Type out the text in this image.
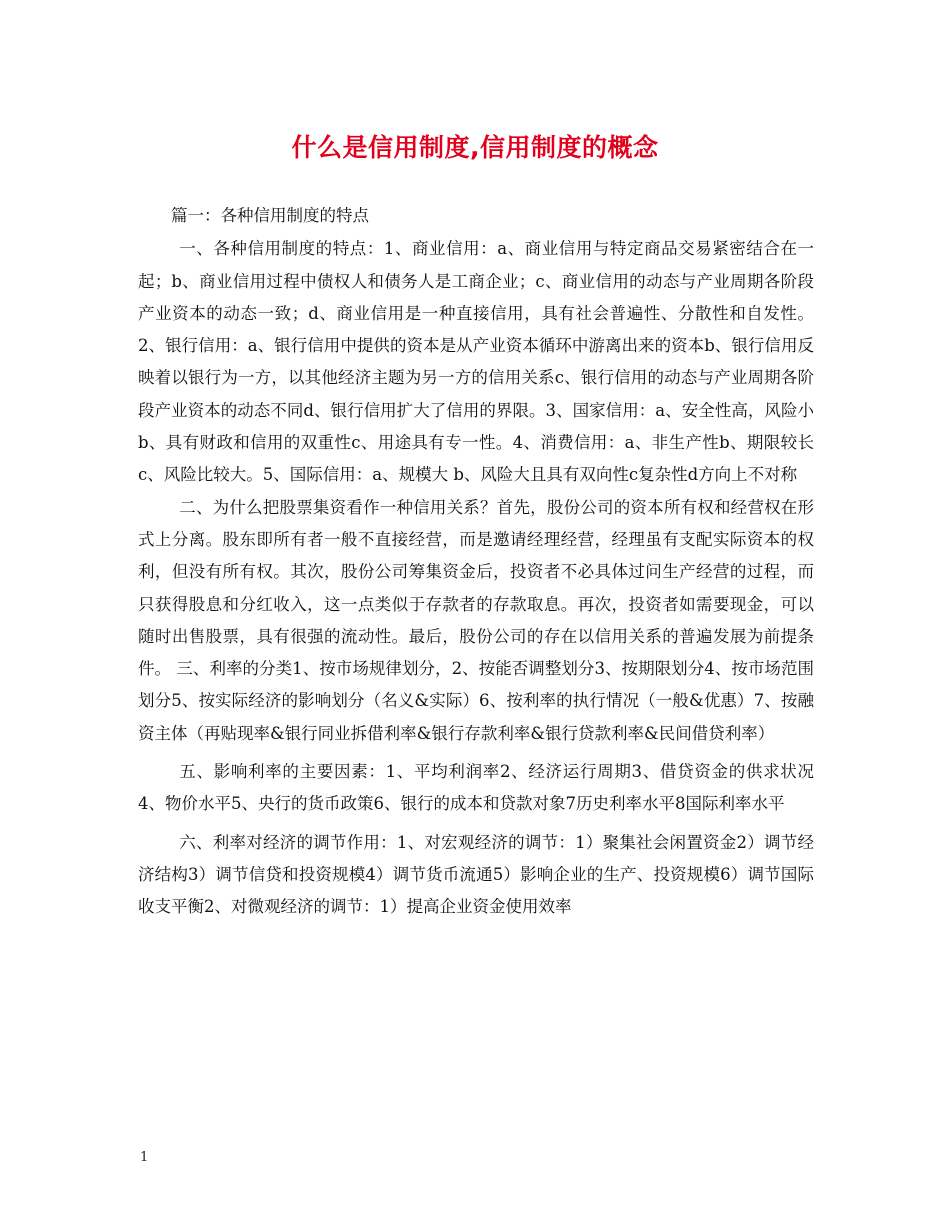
什么是信用制度,信用制度的概念

篇一：各种信用制度的特点

一、各种信用制度的特点：1、商业信用：a、商业信用与特定商品交易紧密结合在一起；b、商业信用过程中债权人和债务人是工商企业；c、商业信用的动态与产业周期各阶段产业资本的动态一致；d、商业信用是一种直接信用，具有社会普遍性、分散性和自发性。2、银行信用：a、银行信用中提供的资本是从产业资本循环中游离出来的资本b、银行信用反映着以银行为一方，以其他经济主题为另一方的信用关系c、银行信用的动态与产业周期各阶段产业资本的动态不同d、银行信用扩大了信用的界限。3、国家信用：a、安全性高，风险小 b、具有财政和信用的双重性c、用途具有专一性。4、消费信用：a、非生产性b、期限较长c、风险比较大。5、国际信用：a、规模大 b、风险大且具有双向性c复杂性d方向上不对称

二、为什么把股票集资看作一种信用关系？首先，股份公司的资本所有权和经营权在形式上分离。股东即所有者一般不直接经营，而是邀请经理经营，经理虽有支配实际资本的权利，但没有所有权。其次，股份公司筹集资金后，投资者不必具体过问生产经营的过程，而只获得股息和分红收入，这一点类似于存款者的存款取息。再次，投资者如需要现金，可以随时出售股票，具有很强的流动性。最后，股份公司的存在以信用关系的普遍发展为前提条件。 三、利率的分类1、按市场规律划分，2、按能否调整划分3、按期限划分4、按市场范围划分5、按实际经济的影响划分（名义&实际）6、按利率的执行情况（一般&优惠）7、按融资主体（再贴现率&银行同业拆借利率&银行存款利率&银行贷款利率&民间借贷利率）

五、影响利率的主要因素：1、平均利润率2、经济运行周期3、借贷资金的供求状况4、物价水平5、央行的货币政策6、银行的成本和贷款对象7历史利率水平8国际利率水平

六、利率对经济的调节作用：1、对宏观经济的调节：1）聚集社会闲置资金2）调节经济结构3）调节信贷和投资规模4）调节货币流通5）影响企业的生产、投资规模6）调节国际收支平衡2、对微观经济的调节：1）提高企业资金使用效率

1
